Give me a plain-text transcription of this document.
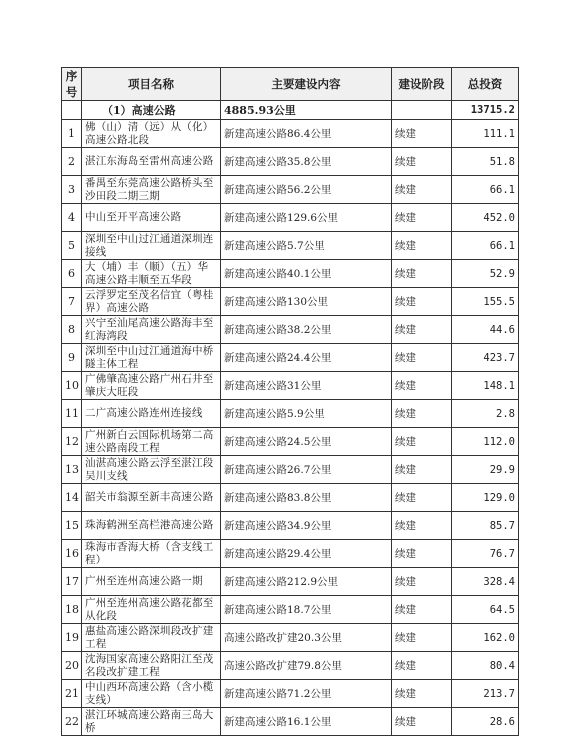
序号	项目名称	主要建设内容	建设阶段	总投资
	（1）高速公路	4885.93公里		13715.2
1	佛（山）清（远）从（化）高速公路北段	新建高速公路86.4公里	续建	111.1
2	湛江东海岛至雷州高速公路	新建高速公路35.8公里	续建	51.8
3	番禺至东莞高速公路桥头至沙田段二期三期	新建高速公路56.2公里	续建	66.1
4	中山至开平高速公路	新建高速公路129.6公里	续建	452.0
5	深圳至中山过江通道深圳连接线	新建高速公路5.7公里	续建	66.1
6	大（埔）丰（顺）（五）华高速公路丰顺至五华段	新建高速公路40.1公里	续建	52.9
7	云浮罗定至茂名信宜（粤桂界）高速公路	新建高速公路130公里	续建	155.5
8	兴宁至汕尾高速公路海丰至红海湾段	新建高速公路38.2公里	续建	44.6
9	深圳至中山过江通道海中桥隧主体工程	新建高速公路24.4公里	续建	423.7
10	广佛肇高速公路广州石井至肇庆大旺段	新建高速公路31公里	续建	148.1
11	二广高速公路连州连接线	新建高速公路5.9公里	续建	2.8
12	广州新白云国际机场第二高速公路南段工程	新建高速公路24.5公里	续建	112.0
13	汕湛高速公路云浮至湛江段吴川支线	新建高速公路26.7公里	续建	29.9
14	韶关市翁源至新丰高速公路	新建高速公路83.8公里	续建	129.0
15	珠海鹤洲至高栏港高速公路	新建高速公路34.9公里	续建	85.7
16	珠海市香海大桥（含支线工程）	新建高速公路29.4公里	续建	76.7
17	广州至连州高速公路一期	新建高速公路212.9公里	续建	328.4
18	广州至连州高速公路花都至从化段	新建高速公路18.7公里	续建	64.5
19	惠盐高速公路深圳段改扩建工程	高速公路改扩建20.3公里	续建	162.0
20	沈海国家高速公路阳江至茂名段改扩建工程	高速公路改扩建79.8公里	续建	80.4
21	中山西环高速公路（含小榄支线）	新建高速公路71.2公里	续建	213.7
22	湛江环城高速公路南三岛大桥	新建高速公路16.1公里	续建	28.6
